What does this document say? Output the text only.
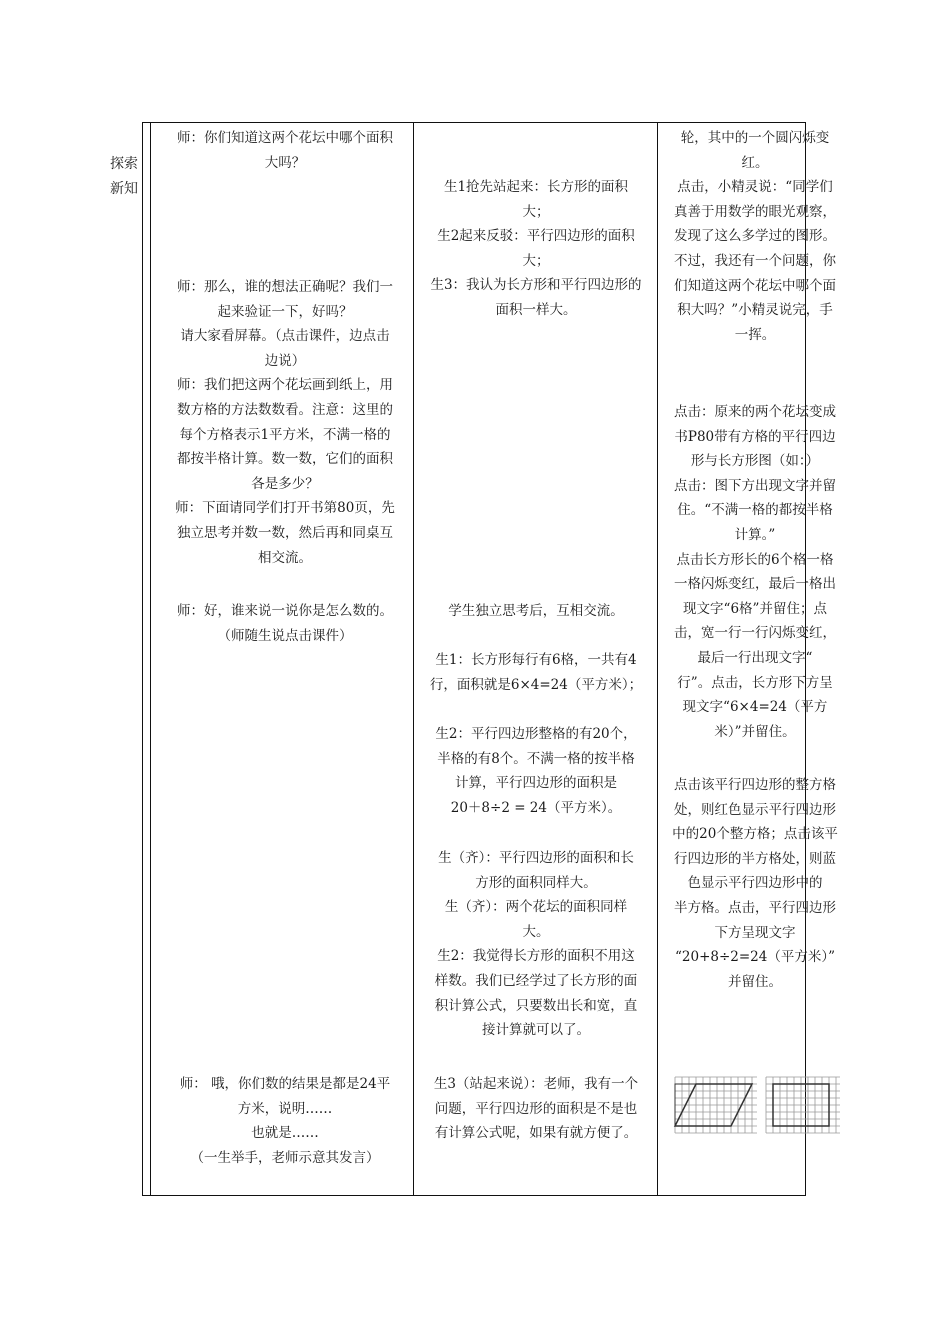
探索
新知

师：你们知道这两个花坛中哪个面积

大吗？

师：那么，谁的想法正确呢？我们一

起来验证一下，好吗？

请大家看屏幕。（点击课件，边点击

边说）

师：我们把这两个花坛画到纸上，用

数方格的方法数数看。注意：这里的

每个方格表示1平方米，不满一格的

都按半格计算。数一数，它们的面积

各是多少？

师：下面请同学们打开书第80页，先

独立思考并数一数，然后再和同桌互

相交流。

师：好，谁来说一说你是怎么数的。

（师随生说点击课件）

师： 哦，你们数的结果是都是24平

方米，说明……

也就是……

（一生举手，老师示意其发言）

生1抢先站起来：长方形的面积

大；

生2起来反驳：平行四边形的面积

大；

生3：我认为长方形和平行四边形的

面积一样大。

学生独立思考后，互相交流。

生1：长方形每行有6格，一共有4

行，面积就是6×4=24（平方米）；

生2：平行四边形整格的有20个，

半格的有8个。不满一格的按半格

计算，平行四边形的面积是

20＋8÷2 = 24（平方米）。

生（齐）：平行四边形的面积和长

方形的面积同样大。

生（齐）：两个花坛的面积同样

大。

生2：我觉得长方形的面积不用这

样数。我们已经学过了长方形的面

积计算公式，只要数出长和宽，直

接计算就可以了。

生3（站起来说）：老师，我有一个

问题，平行四边形的面积是不是也

有计算公式呢，如果有就方便了。

轮，其中的一个圆闪烁变

红。

点击，小精灵说：“同学们

真善于用数学的眼光观察，

发现了这么多学过的图形。

不过，我还有一个问题，你

们知道这两个花坛中哪个面

积大吗？”小精灵说完，手

一挥。

点击：原来的两个花坛变成

书P80带有方格的平行四边

形与长方形图（如：）

点击：图下方出现文字并留

住。“不满一格的都按半格

计算。”

点击长方形长的6个格一格

一格闪烁变红，最后一格出

现文字“6格”并留住；点

击，宽一行一行闪烁变红，

最后一行出现文字“

行”。点击，长方形下方呈

现文字“6×4=24（平方

米）”并留住。

点击该平行四边形的整方格

处，则红色显示平行四边形

中的20个整方格；点击该平

行四边形的半方格处，则蓝

色显示平行四边形中的

半方格。点击，平行四边形

下方呈现文字

“20+8÷2=24（平方米）”

并留住。
